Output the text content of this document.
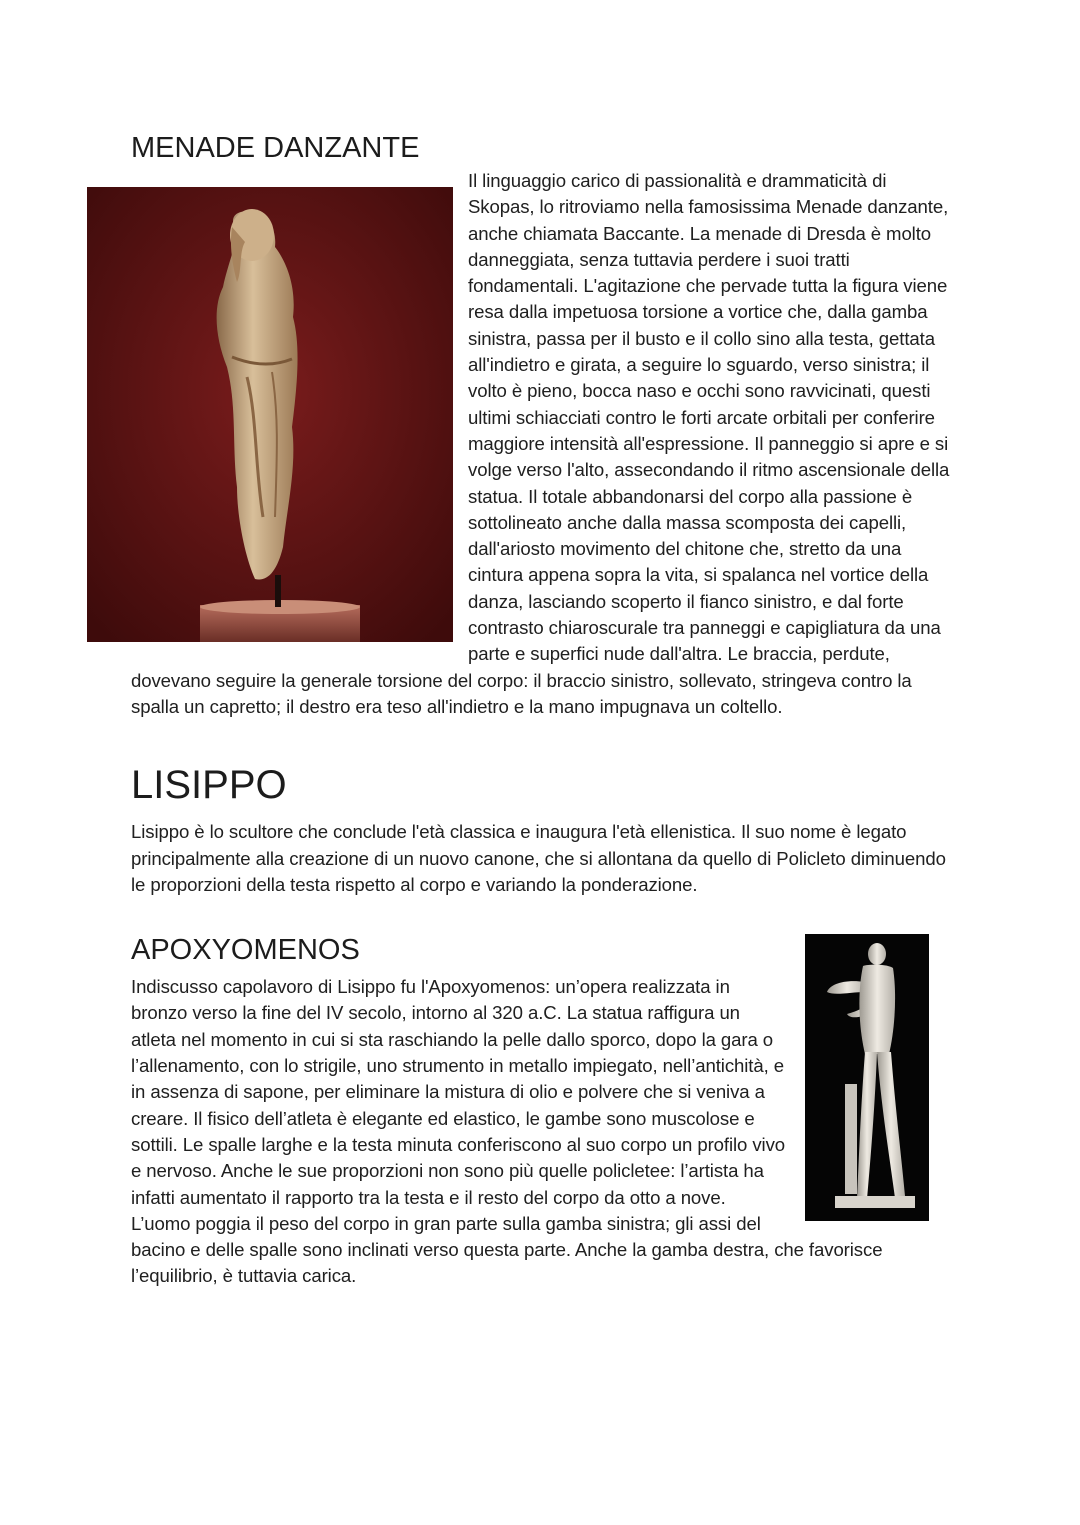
MENADE DANZANTE

Il linguaggio carico di passionalità e drammaticità di Skopas, lo ritroviamo nella famosissima Menade danzante, anche chiamata Baccante. La menade di Dresda è molto danneggiata, senza tuttavia perdere i suoi tratti fondamentali. L'agitazione che pervade tutta la figura viene resa dalla impetuosa torsione a vortice che, dalla gamba sinistra, passa per il busto e il collo sino alla testa, gettata all'indietro e girata, a seguire lo sguardo, verso sinistra; il volto è pieno, bocca naso e occhi sono ravvicinati, questi ultimi schiacciati contro le forti arcate orbitali per conferire maggiore intensità all'espressione. Il panneggio si apre e si volge verso l'alto, assecondando il ritmo ascensionale della statua. Il totale abbandonarsi del corpo alla passione è sottolineato anche dalla massa scomposta dei capelli, dall'ariosto movimento del chitone che, stretto da una cintura appena sopra la vita, si spalanca nel vortice della danza, lasciando scoperto il fianco sinistro, e dal forte contrasto chiaroscurale tra panneggi e capigliatura da una parte e superfici nude dall'altra. Le braccia, perdute, dovevano seguire la generale torsione del corpo: il braccio sinistro, sollevato, stringeva contro la spalla un capretto; il destro era teso all'indietro e la mano impugnava un coltello.

LISIPPO

Lisippo è lo scultore che conclude l'età classica e inaugura l'età ellenistica. Il suo nome è legato principalmente alla creazione di un nuovo canone, che si allontana da quello di Policleto diminuendo le proporzioni della testa rispetto al corpo e variando la ponderazione.

APOXYOMENOS

Indiscusso capolavoro di Lisippo fu l'Apoxyomenos: un’opera realizzata in bronzo verso la fine del IV secolo, intorno al 320 a.C. La statua raffigura un atleta nel momento in cui si sta raschiando la pelle dallo sporco, dopo la gara o l’allenamento, con lo strigile, uno strumento in metallo impiegato, nell’antichità, e in assenza di sapone, per eliminare la mistura di olio e polvere che si veniva a creare. Il fisico dell’atleta è elegante ed elastico, le gambe sono muscolose e sottili. Le spalle larghe e la testa minuta conferiscono al suo corpo un profilo vivo e nervoso. Anche le sue proporzioni non sono più quelle policletee: l’artista ha infatti aumentato il rapporto tra la testa e il resto del corpo da otto a nove. L’uomo poggia il peso del corpo in gran parte sulla gamba sinistra; gli assi del bacino e delle spalle sono inclinati verso questa parte. Anche la gamba destra, che favorisce l’equilibrio, è tuttavia carica.
